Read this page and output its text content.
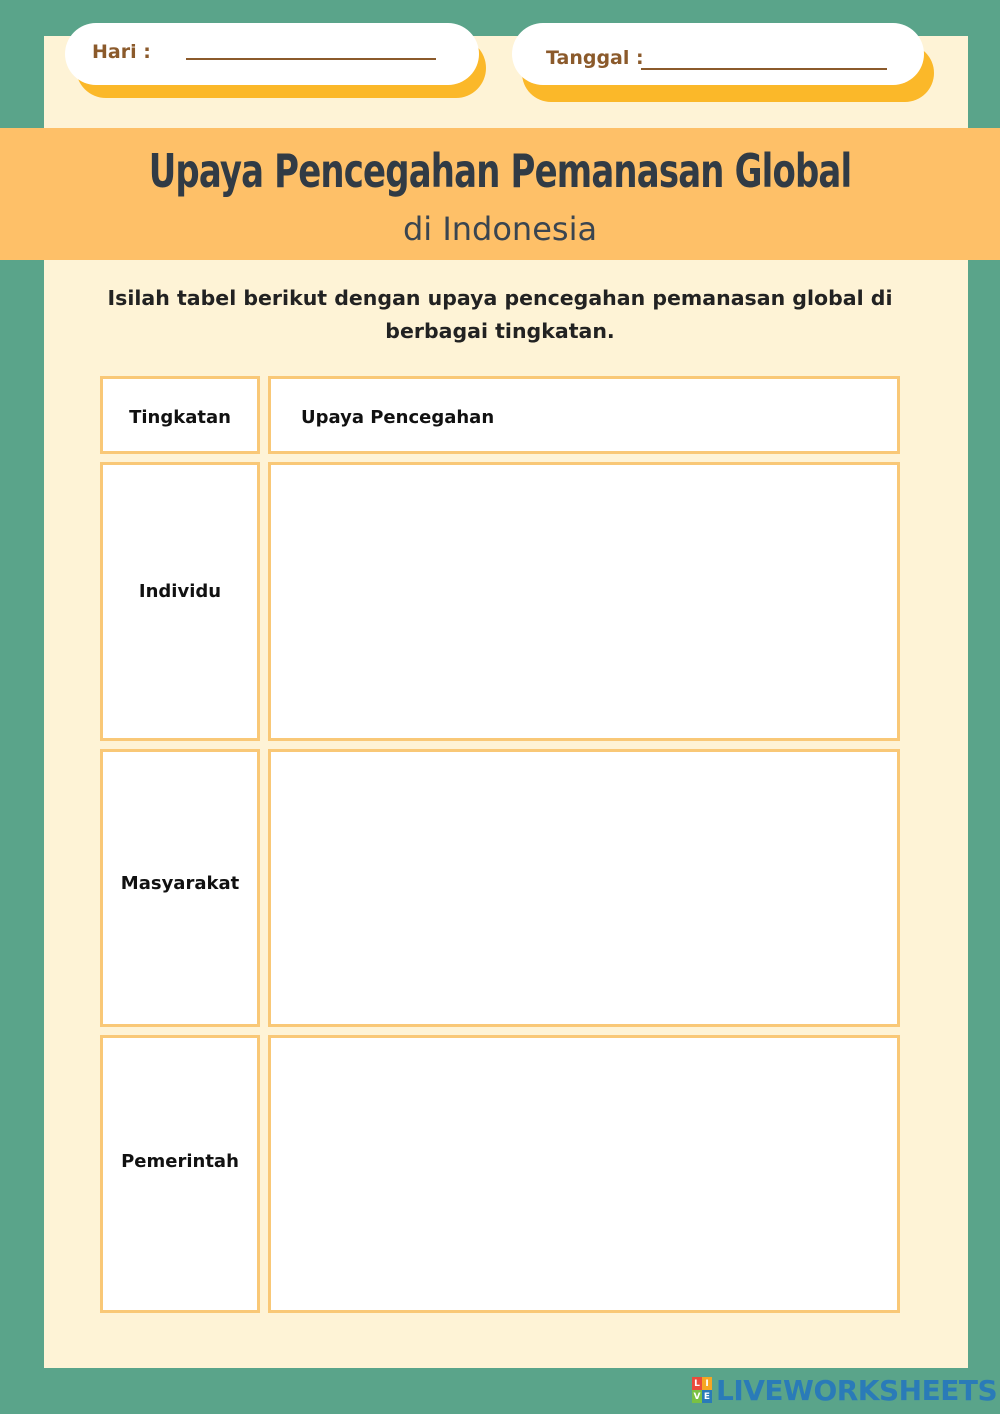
Hari :	Tanggal :
Upaya Pencegahan Pemanasan Global
di Indonesia
Isilah tabel berikut dengan upaya pencegahan pemanasan global di berbagai tingkatan.
Tingkatan	Upaya Pencegahan
Individu
Masyarakat
Pemerintah
L I
V E LIVEWORKSHEETS
